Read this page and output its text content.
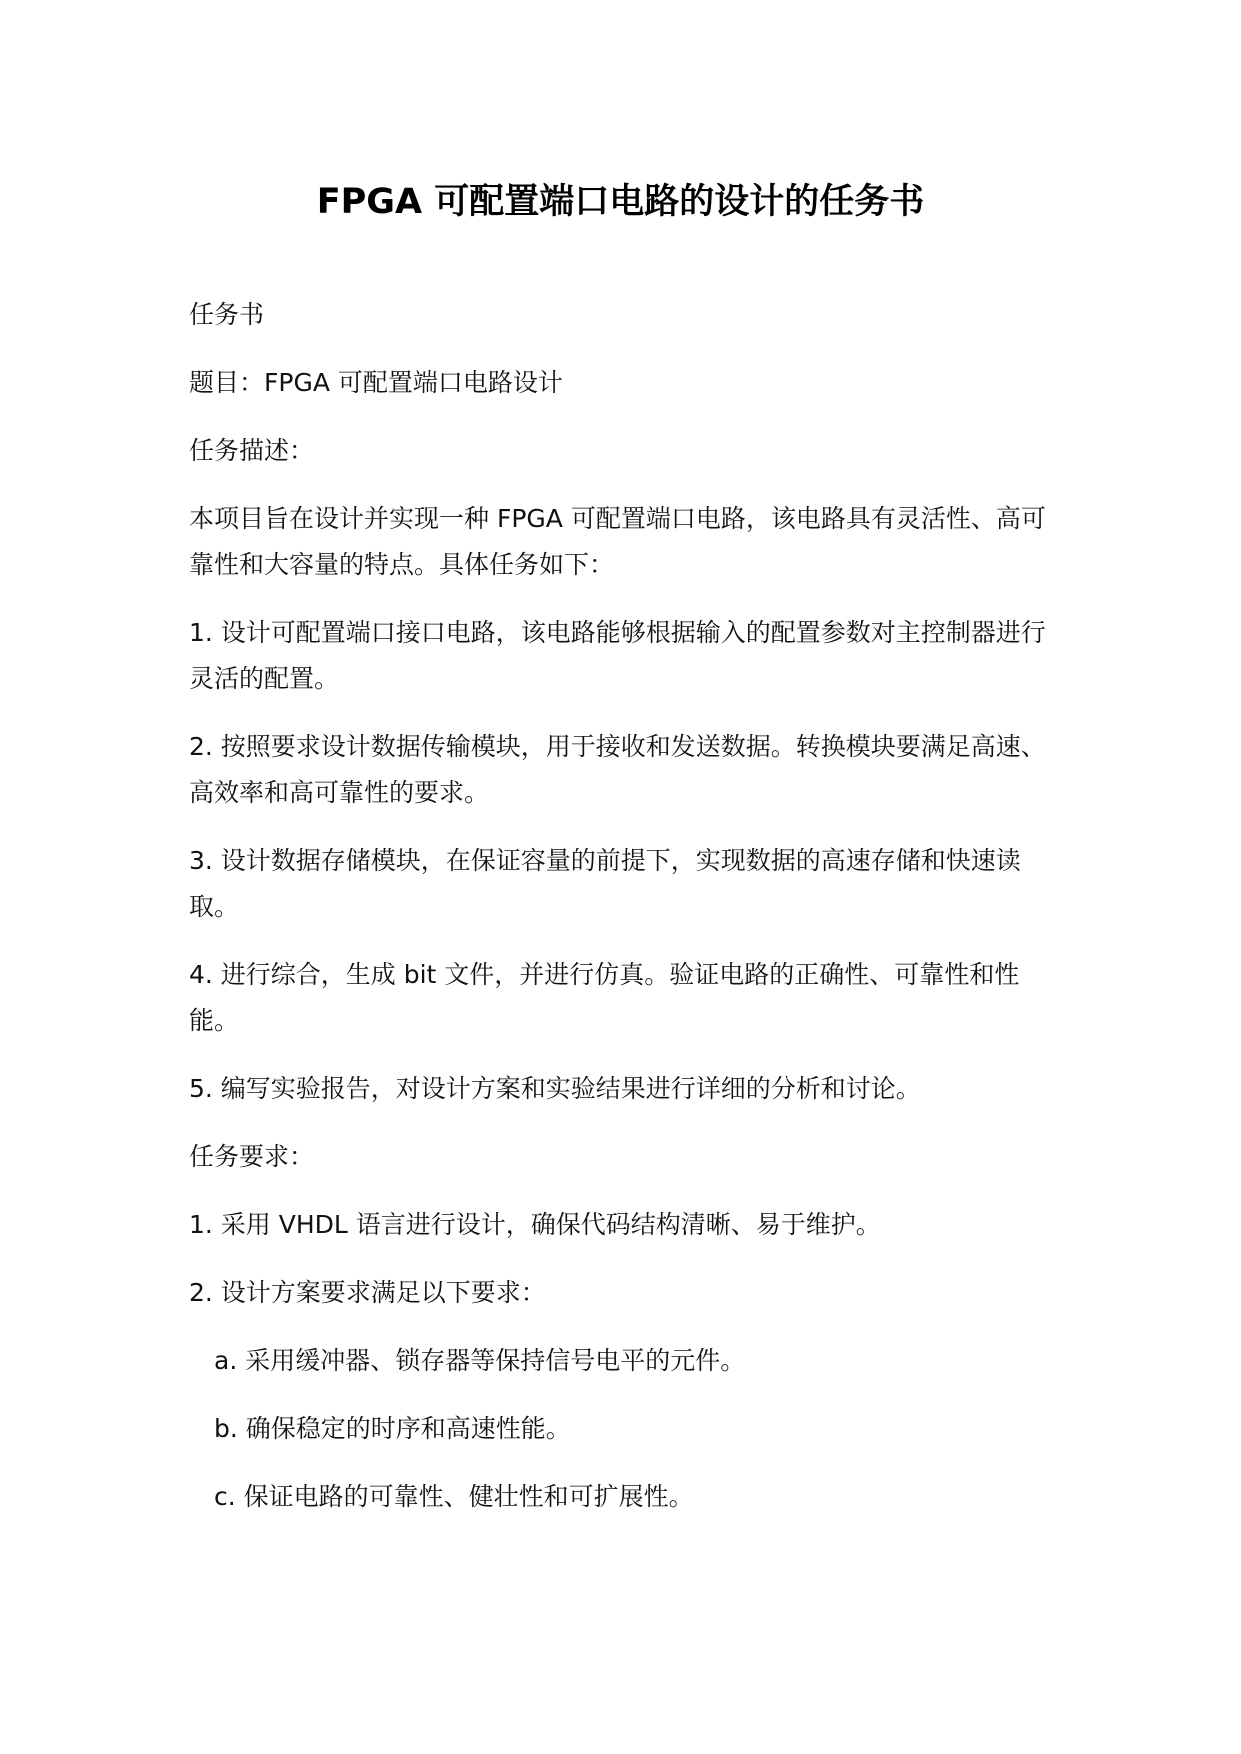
FPGA 可配置端口电路的设计的任务书

任务书

题目：FPGA 可配置端口电路设计

任务描述：

本项目旨在设计并实现一种 FPGA 可配置端口电路，该电路具有灵活性、高可靠性和大容量的特点。具体任务如下：

1. 设计可配置端口接口电路，该电路能够根据输入的配置参数对主控制器进行灵活的配置。

2. 按照要求设计数据传输模块，用于接收和发送数据。转换模块要满足高速、高效率和高可靠性的要求。

3. 设计数据存储模块，在保证容量的前提下，实现数据的高速存储和快速读取。

4. 进行综合，生成 bit 文件，并进行仿真。验证电路的正确性、可靠性和性能。

5. 编写实验报告，对设计方案和实验结果进行详细的分析和讨论。

任务要求：

1. 采用 VHDL 语言进行设计，确保代码结构清晰、易于维护。

2. 设计方案要求满足以下要求：

a. 采用缓冲器、锁存器等保持信号电平的元件。

b. 确保稳定的时序和高速性能。

c. 保证电路的可靠性、健壮性和可扩展性。
